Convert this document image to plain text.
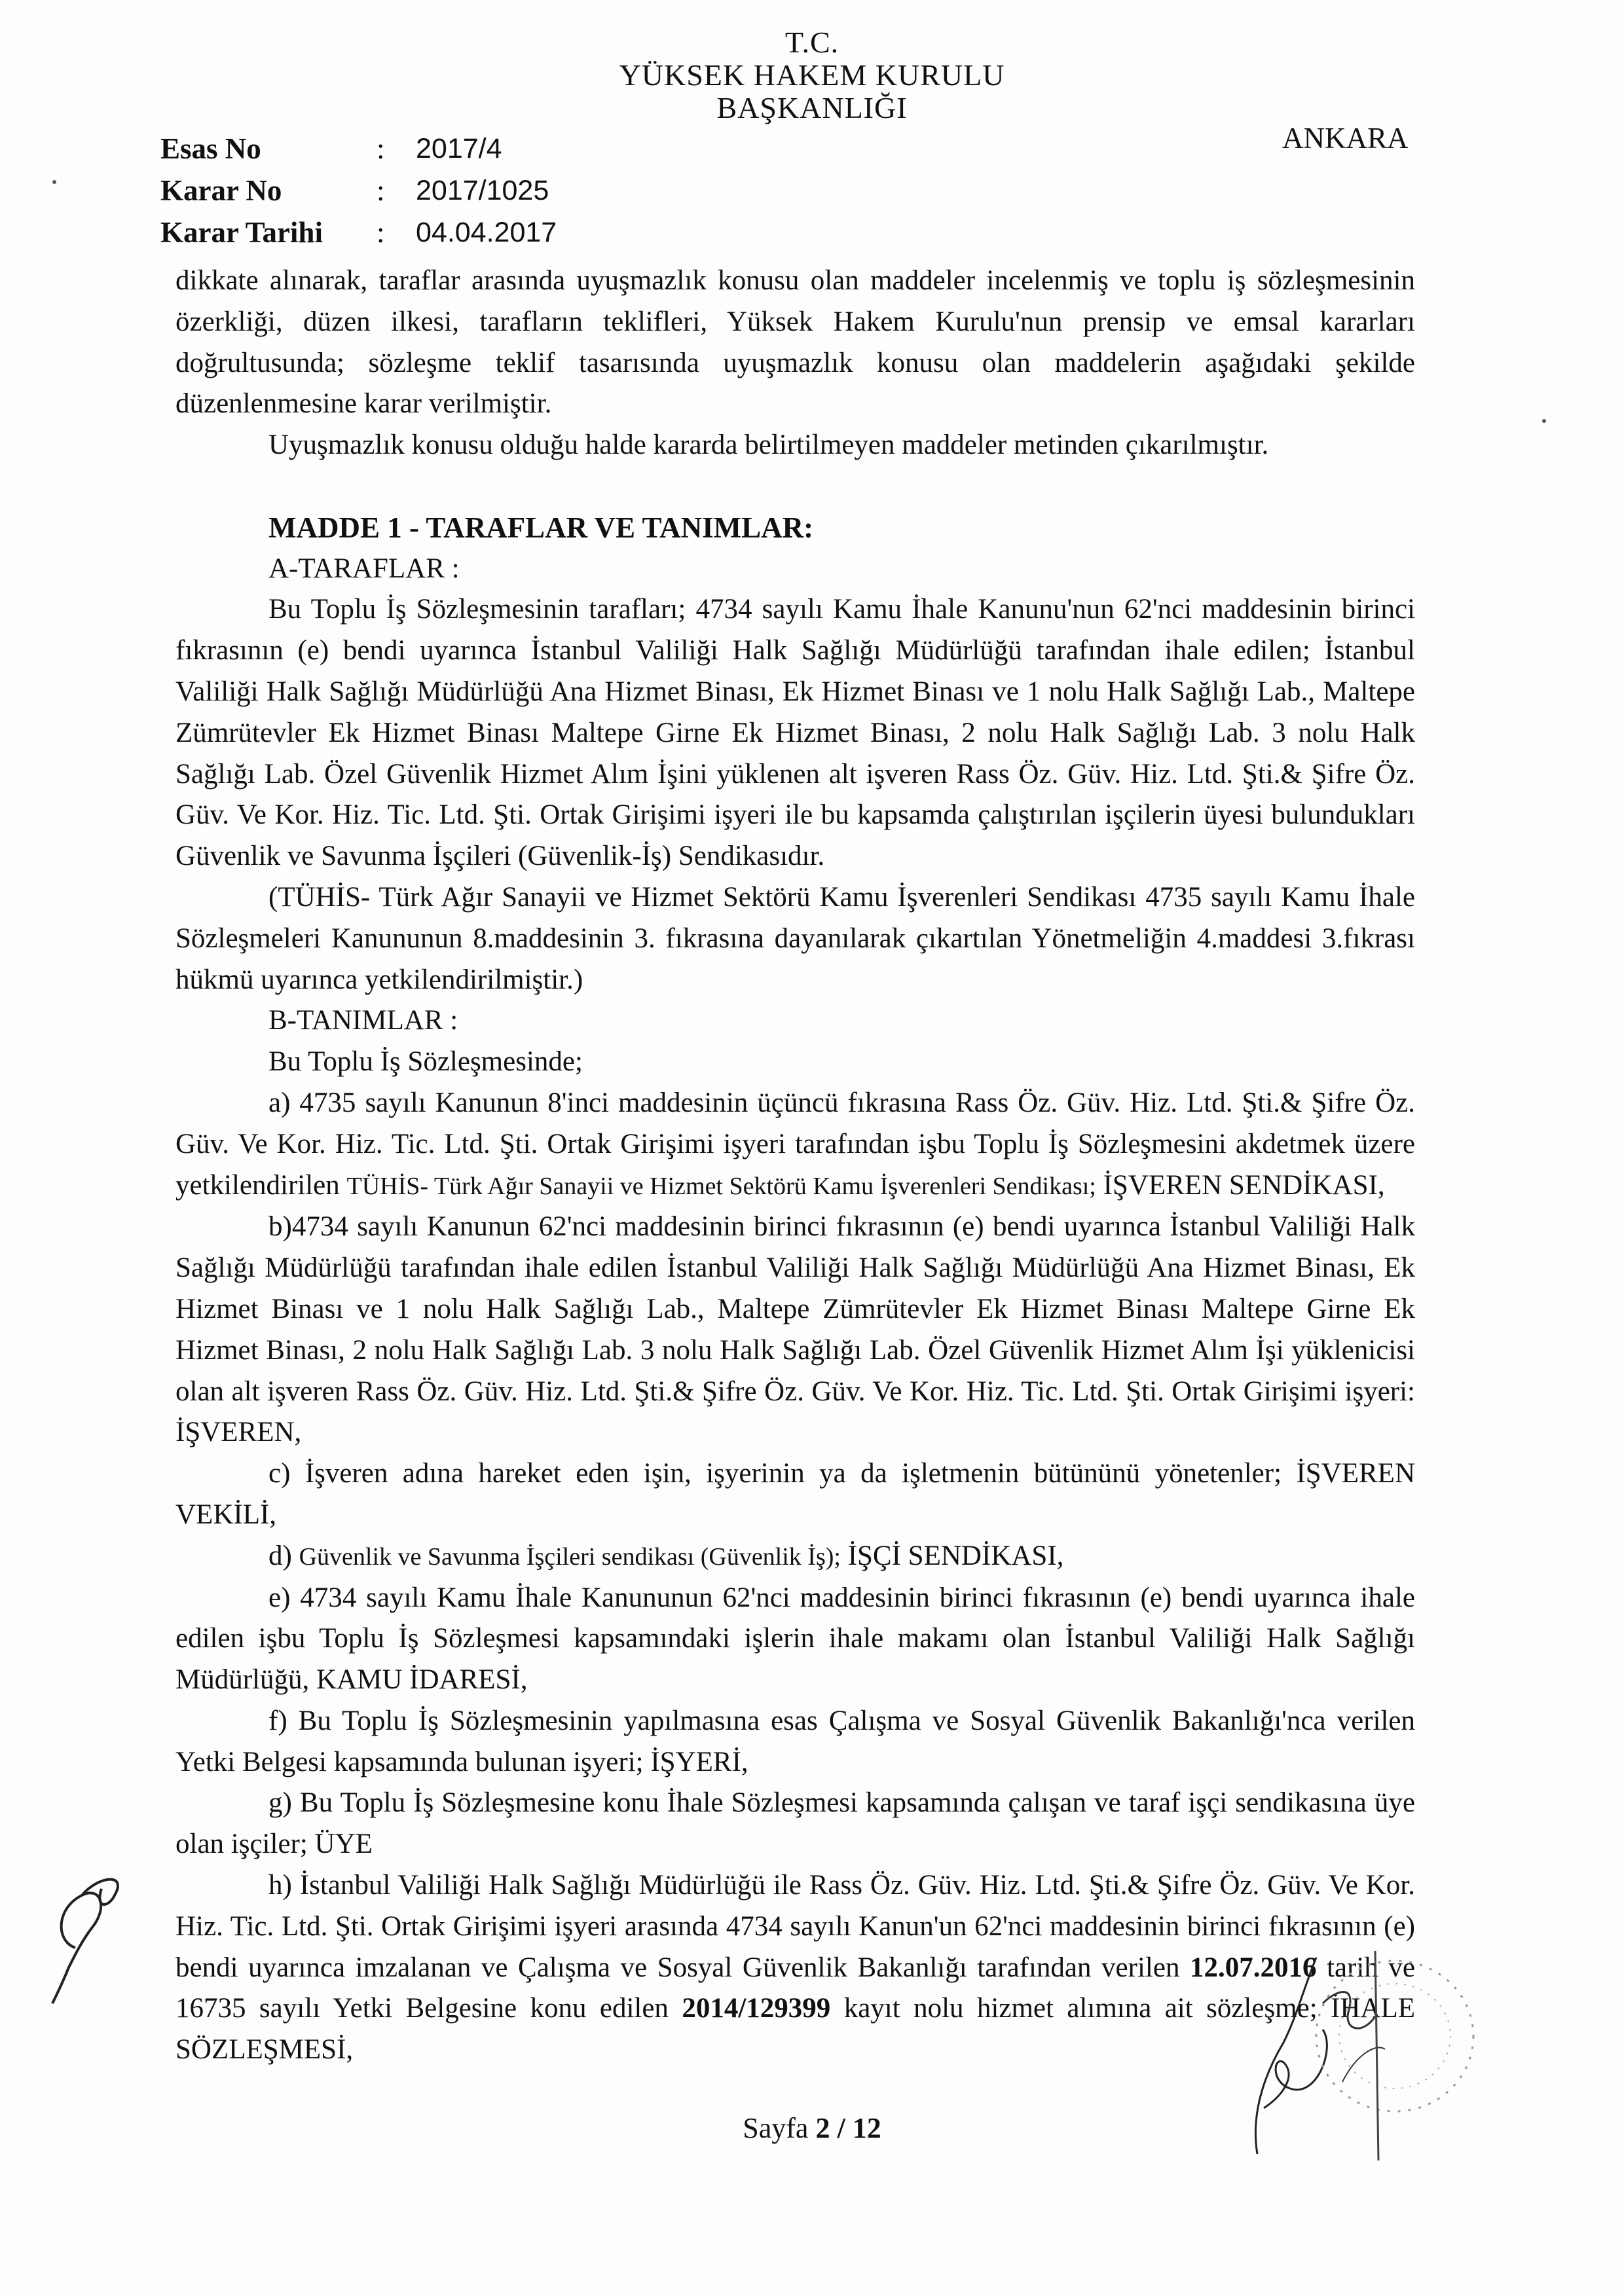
T.C.
YÜKSEK HAKEM KURULU
BAŞKANLIĞI
ANKARA
Esas No	:	2017/4
Karar No	:	2017/1025
Karar Tarihi	:	04.04.2017

dikkate alınarak, taraflar arasında uyuşmazlık konusu olan maddeler incelenmiş ve toplu iş sözleşmesinin özerkliği, düzen ilkesi, tarafların teklifleri, Yüksek Hakem Kurulu'nun prensip ve emsal kararları doğrultusunda; sözleşme teklif tasarısında uyuşmazlık konusu olan maddelerin aşağıdaki şekilde düzenlenmesine karar verilmiştir.

Uyuşmazlık konusu olduğu halde kararda belirtilmeyen maddeler metinden çıkarılmıştır.

MADDE 1 - TARAFLAR VE TANIMLAR:

A-TARAFLAR :

Bu Toplu İş Sözleşmesinin tarafları; 4734 sayılı Kamu İhale Kanunu'nun 62'nci maddesinin birinci fıkrasının (e) bendi uyarınca İstanbul Valiliği Halk Sağlığı Müdürlüğü tarafından ihale edilen; İstanbul Valiliği Halk Sağlığı Müdürlüğü Ana Hizmet Binası, Ek Hizmet Binası ve 1 nolu Halk Sağlığı Lab., Maltepe Zümrütevler Ek Hizmet Binası Maltepe Girne Ek Hizmet Binası, 2 nolu Halk Sağlığı Lab. 3 nolu Halk Sağlığı Lab. Özel Güvenlik Hizmet Alım İşini yüklenen alt işveren Rass Öz. Güv. Hiz. Ltd. Şti.& Şifre Öz. Güv. Ve Kor. Hiz. Tic. Ltd. Şti. Ortak Girişimi işyeri ile bu kapsamda çalıştırılan işçilerin üyesi bulundukları Güvenlik ve Savunma İşçileri (Güvenlik-İş) Sendikasıdır.

(TÜHİS- Türk Ağır Sanayii ve Hizmet Sektörü Kamu İşverenleri Sendikası 4735 sayılı Kamu İhale Sözleşmeleri Kanununun 8.maddesinin 3. fıkrasına dayanılarak çıkartılan Yönetmeliğin 4.maddesi 3.fıkrası hükmü uyarınca yetkilendirilmiştir.)

B-TANIMLAR :

Bu Toplu İş Sözleşmesinde;

a) 4735 sayılı Kanunun 8'inci maddesinin üçüncü fıkrasına Rass Öz. Güv. Hiz. Ltd. Şti.& Şifre Öz. Güv. Ve Kor. Hiz. Tic. Ltd. Şti. Ortak Girişimi işyeri tarafından işbu Toplu İş Sözleşmesini akdetmek üzere yetkilendirilen TÜHİS- Türk Ağır Sanayii ve Hizmet Sektörü Kamu İşverenleri Sendikası; İŞVEREN SENDİKASI,

b)4734 sayılı Kanunun 62'nci maddesinin birinci fıkrasının (e) bendi uyarınca İstanbul Valiliği Halk Sağlığı Müdürlüğü tarafından ihale edilen İstanbul Valiliği Halk Sağlığı Müdürlüğü Ana Hizmet Binası, Ek Hizmet Binası ve 1 nolu Halk Sağlığı Lab., Maltepe Zümrütevler Ek Hizmet Binası Maltepe Girne Ek Hizmet Binası, 2 nolu Halk Sağlığı Lab. 3 nolu Halk Sağlığı Lab. Özel Güvenlik Hizmet Alım İşi yüklenicisi olan alt işveren Rass Öz. Güv. Hiz. Ltd. Şti.& Şifre Öz. Güv. Ve Kor. Hiz. Tic. Ltd. Şti. Ortak Girişimi işyeri: İŞVEREN,

c) İşveren adına hareket eden işin, işyerinin ya da işletmenin bütününü yönetenler; İŞVEREN VEKİLİ,

d) Güvenlik ve Savunma İşçileri sendikası (Güvenlik İş); İŞÇİ SENDİKASI,

e) 4734 sayılı Kamu İhale Kanununun 62'nci maddesinin birinci fıkrasının (e) bendi uyarınca ihale edilen işbu Toplu İş Sözleşmesi kapsamındaki işlerin ihale makamı olan İstanbul Valiliği Halk Sağlığı Müdürlüğü, KAMU İDARESİ,

f) Bu Toplu İş Sözleşmesinin yapılmasına esas Çalışma ve Sosyal Güvenlik Bakanlığı'nca verilen Yetki Belgesi kapsamında bulunan işyeri; İŞYERİ,

g) Bu Toplu İş Sözleşmesine konu İhale Sözleşmesi kapsamında çalışan ve taraf işçi sendikasına üye olan işçiler; ÜYE

h) İstanbul Valiliği Halk Sağlığı Müdürlüğü ile Rass Öz. Güv. Hiz. Ltd. Şti.& Şifre Öz. Güv. Ve Kor. Hiz. Tic. Ltd. Şti. Ortak Girişimi işyeri arasında 4734 sayılı Kanun'un 62'nci maddesinin birinci fıkrasının (e) bendi uyarınca imzalanan ve Çalışma ve Sosyal Güvenlik Bakanlığı tarafından verilen 12.07.2016 tarih ve 16735 sayılı Yetki Belgesine konu edilen 2014/129399 kayıt nolu hizmet alımına ait sözleşme; İHALE SÖZLEŞMESİ,

Sayfa 2 / 12
